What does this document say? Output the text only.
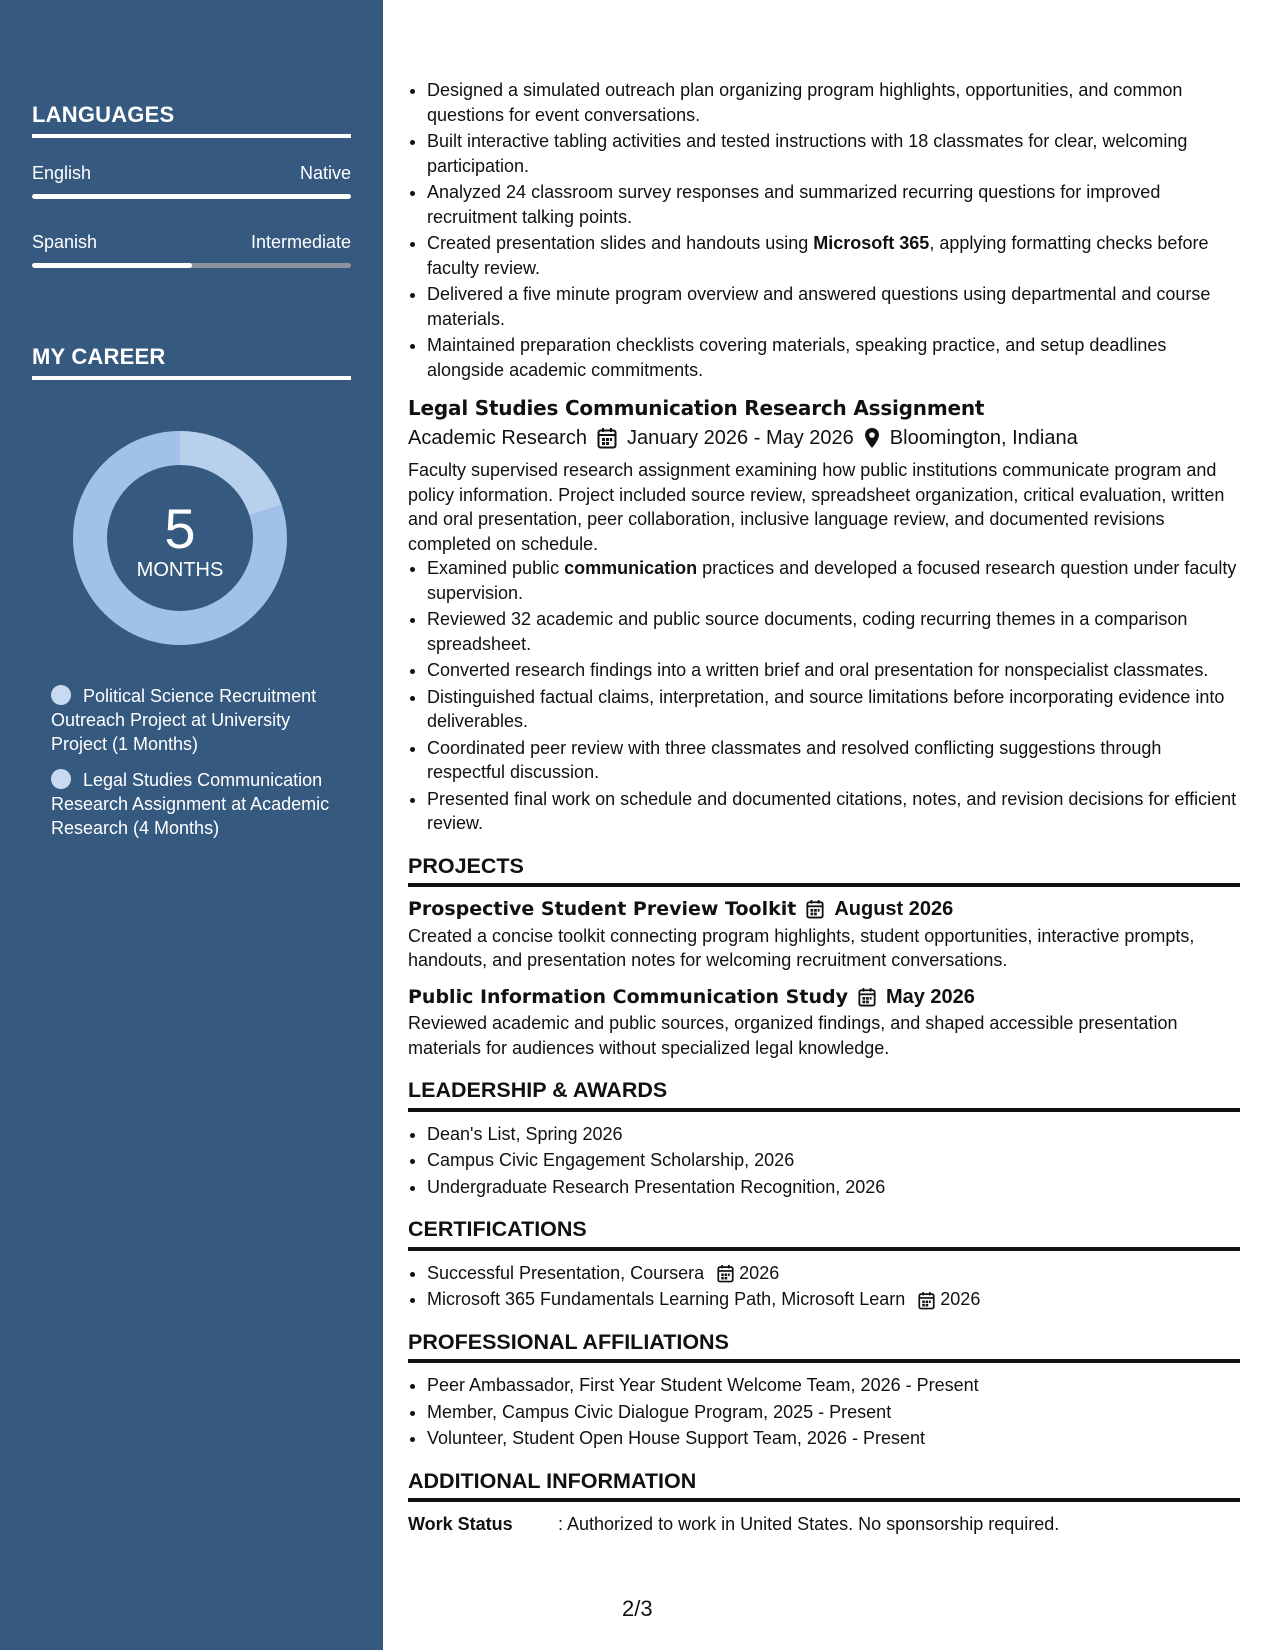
LANGUAGES
English	Native
Spanish	Intermediate
MY CAREER
5
MONTHS
Political Science Recruitment Outreach Project at University Project (1 Months)
Legal Studies Communication Research Assignment at Academic Research (4 Months)
• Designed a simulated outreach plan organizing program highlights, opportunities, and common questions for event conversations.
• Built interactive tabling activities and tested instructions with 18 classmates for clear, welcoming participation.
• Analyzed 24 classroom survey responses and summarized recurring questions for improved recruitment talking points.
• Created presentation slides and handouts using Microsoft 365, applying formatting checks before faculty review.
• Delivered a five minute program overview and answered questions using departmental and course materials.
• Maintained preparation checklists covering materials, speaking practice, and setup deadlines alongside academic commitments.
Legal Studies Communication Research Assignment
Academic Research January 2026 - May 2026 Bloomington, Indiana
Faculty supervised research assignment examining how public institutions communicate program and policy information. Project included source review, spreadsheet organization, critical evaluation, written and oral presentation, peer collaboration, inclusive language review, and documented revisions completed on schedule.
• Examined public communication practices and developed a focused research question under faculty supervision.
• Reviewed 32 academic and public source documents, coding recurring themes in a comparison spreadsheet.
• Converted research findings into a written brief and oral presentation for nonspecialist classmates.
• Distinguished factual claims, interpretation, and source limitations before incorporating evidence into deliverables.
• Coordinated peer review with three classmates and resolved conflicting suggestions through respectful discussion.
• Presented final work on schedule and documented citations, notes, and revision decisions for efficient review.
PROJECTS
Prospective Student Preview Toolkit August 2026
Created a concise toolkit connecting program highlights, student opportunities, interactive prompts, handouts, and presentation notes for welcoming recruitment conversations.
Public Information Communication Study May 2026
Reviewed academic and public sources, organized findings, and shaped accessible presentation materials for audiences without specialized legal knowledge.
LEADERSHIP & AWARDS
• Dean's List, Spring 2026
• Campus Civic Engagement Scholarship, 2026
• Undergraduate Research Presentation Recognition, 2026
CERTIFICATIONS
• Successful Presentation, Coursera 2026
• Microsoft 365 Fundamentals Learning Path, Microsoft Learn 2026
PROFESSIONAL AFFILIATIONS
• Peer Ambassador, First Year Student Welcome Team, 2026 - Present
• Member, Campus Civic Dialogue Program, 2025 - Present
• Volunteer, Student Open House Support Team, 2026 - Present
ADDITIONAL INFORMATION
Work Status	: Authorized to work in United States. No sponsorship required.
2/3
